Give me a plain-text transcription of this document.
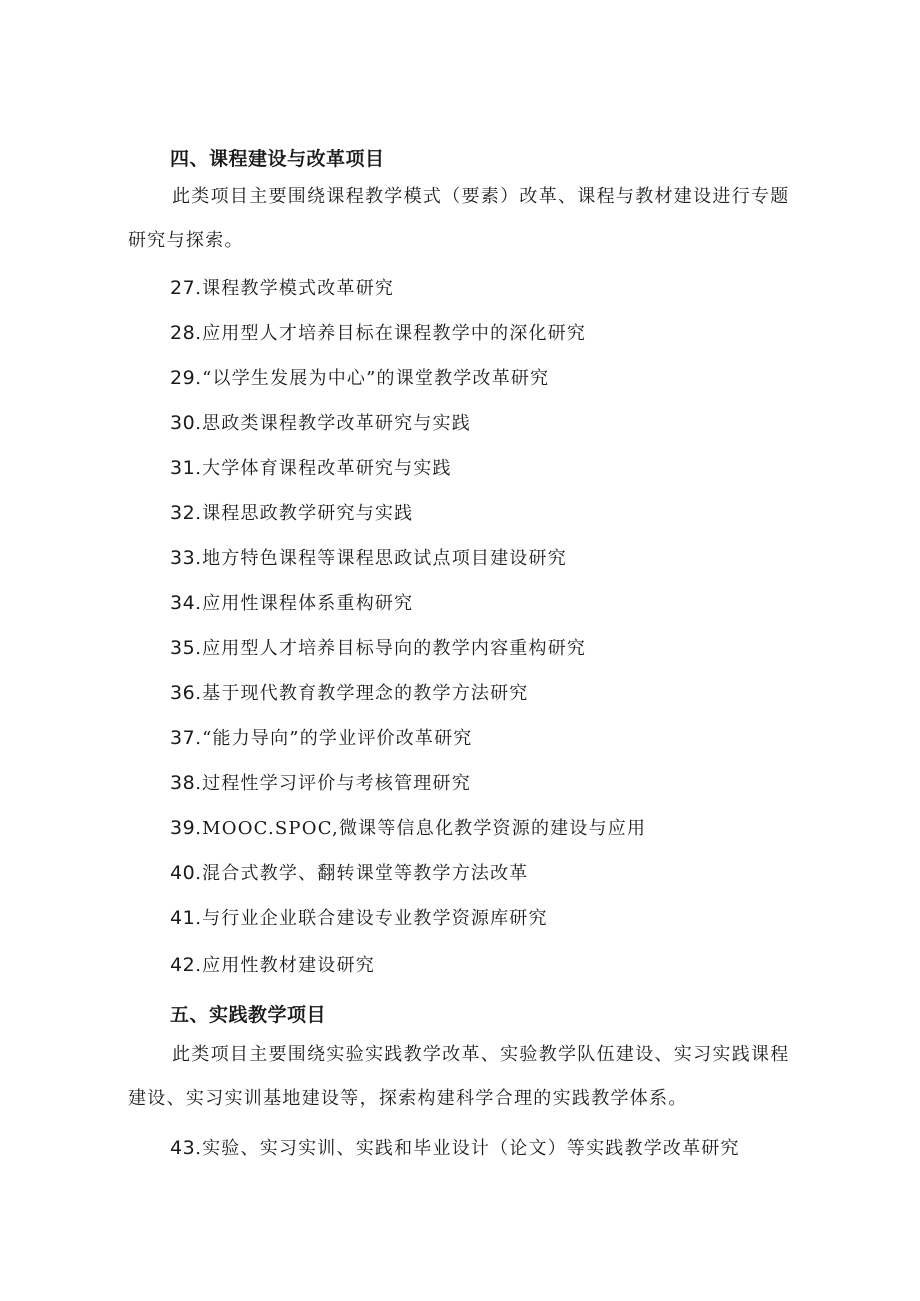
四、课程建设与改革项目
此类项目主要围绕课程教学模式（要素）改革、课程与教材建设进行专题研究与探索。
27.课程教学模式改革研究
28.应用型人才培养目标在课程教学中的深化研究
29.“以学生发展为中心”的课堂教学改革研究
30.思政类课程教学改革研究与实践
31.大学体育课程改革研究与实践
32.课程思政教学研究与实践
33.地方特色课程等课程思政试点项目建设研究
34.应用性课程体系重构研究
35.应用型人才培养目标导向的教学内容重构研究
36.基于现代教育教学理念的教学方法研究
37.“能力导向”的学业评价改革研究
38.过程性学习评价与考核管理研究
39.MOOC.SPOC,微课等信息化教学资源的建设与应用
40.混合式教学、翻转课堂等教学方法改革
41.与行业企业联合建设专业教学资源库研究
42.应用性教材建设研究
五、实践教学项目
此类项目主要围绕实验实践教学改革、实验教学队伍建设、实习实践课程建设、实习实训基地建设等，探索构建科学合理的实践教学体系。
43.实验、实习实训、实践和毕业设计（论文）等实践教学改革研究
